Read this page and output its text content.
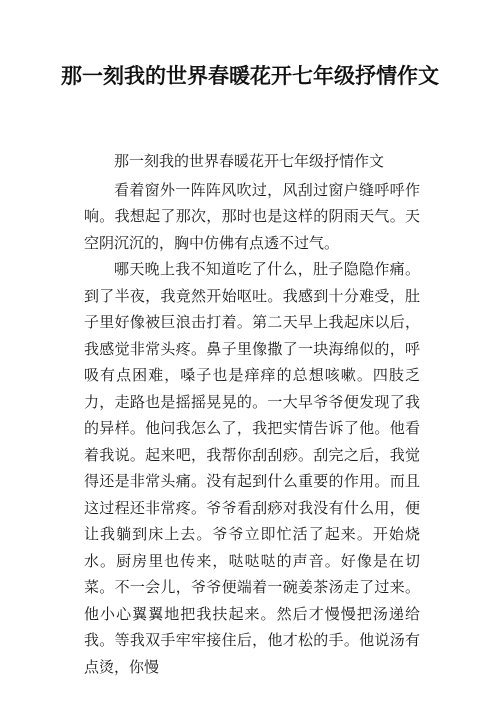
那一刻我的世界春暖花开七年级抒情作文

那一刻我的世界春暖花开七年级抒情作文

看着窗外一阵阵风吹过，风刮过窗户缝呼呼作响。我想起了那次，那时也是这样的阴雨天气。天空阴沉沉的，胸中仿佛有点透不过气。

哪天晚上我不知道吃了什么，肚子隐隐作痛。到了半夜，我竟然开始呕吐。我感到十分难受，肚子里好像被巨浪击打着。第二天早上我起床以后，我感觉非常头疼。鼻子里像撒了一块海绵似的，呼吸有点困难，嗓子也是痒痒的总想咳嗽。四肢乏力，走路也是摇摇晃晃的。一大早爷爷便发现了我的异样。他问我怎么了，我把实情告诉了他。他看着我说。起来吧，我帮你刮刮痧。刮完之后，我觉得还是非常头痛。没有起到什么重要的作用。而且这过程还非常疼。爷爷看刮痧对我没有什么用，便让我躺到床上去。爷爷立即忙活了起来。开始烧水。厨房里也传来，哒哒哒的声音。好像是在切菜。不一会儿，爷爷便端着一碗姜茶汤走了过来。他小心翼翼地把我扶起来。然后才慢慢把汤递给我。等我双手牢牢接住后，他才松的手。他说汤有点烫，你慢
